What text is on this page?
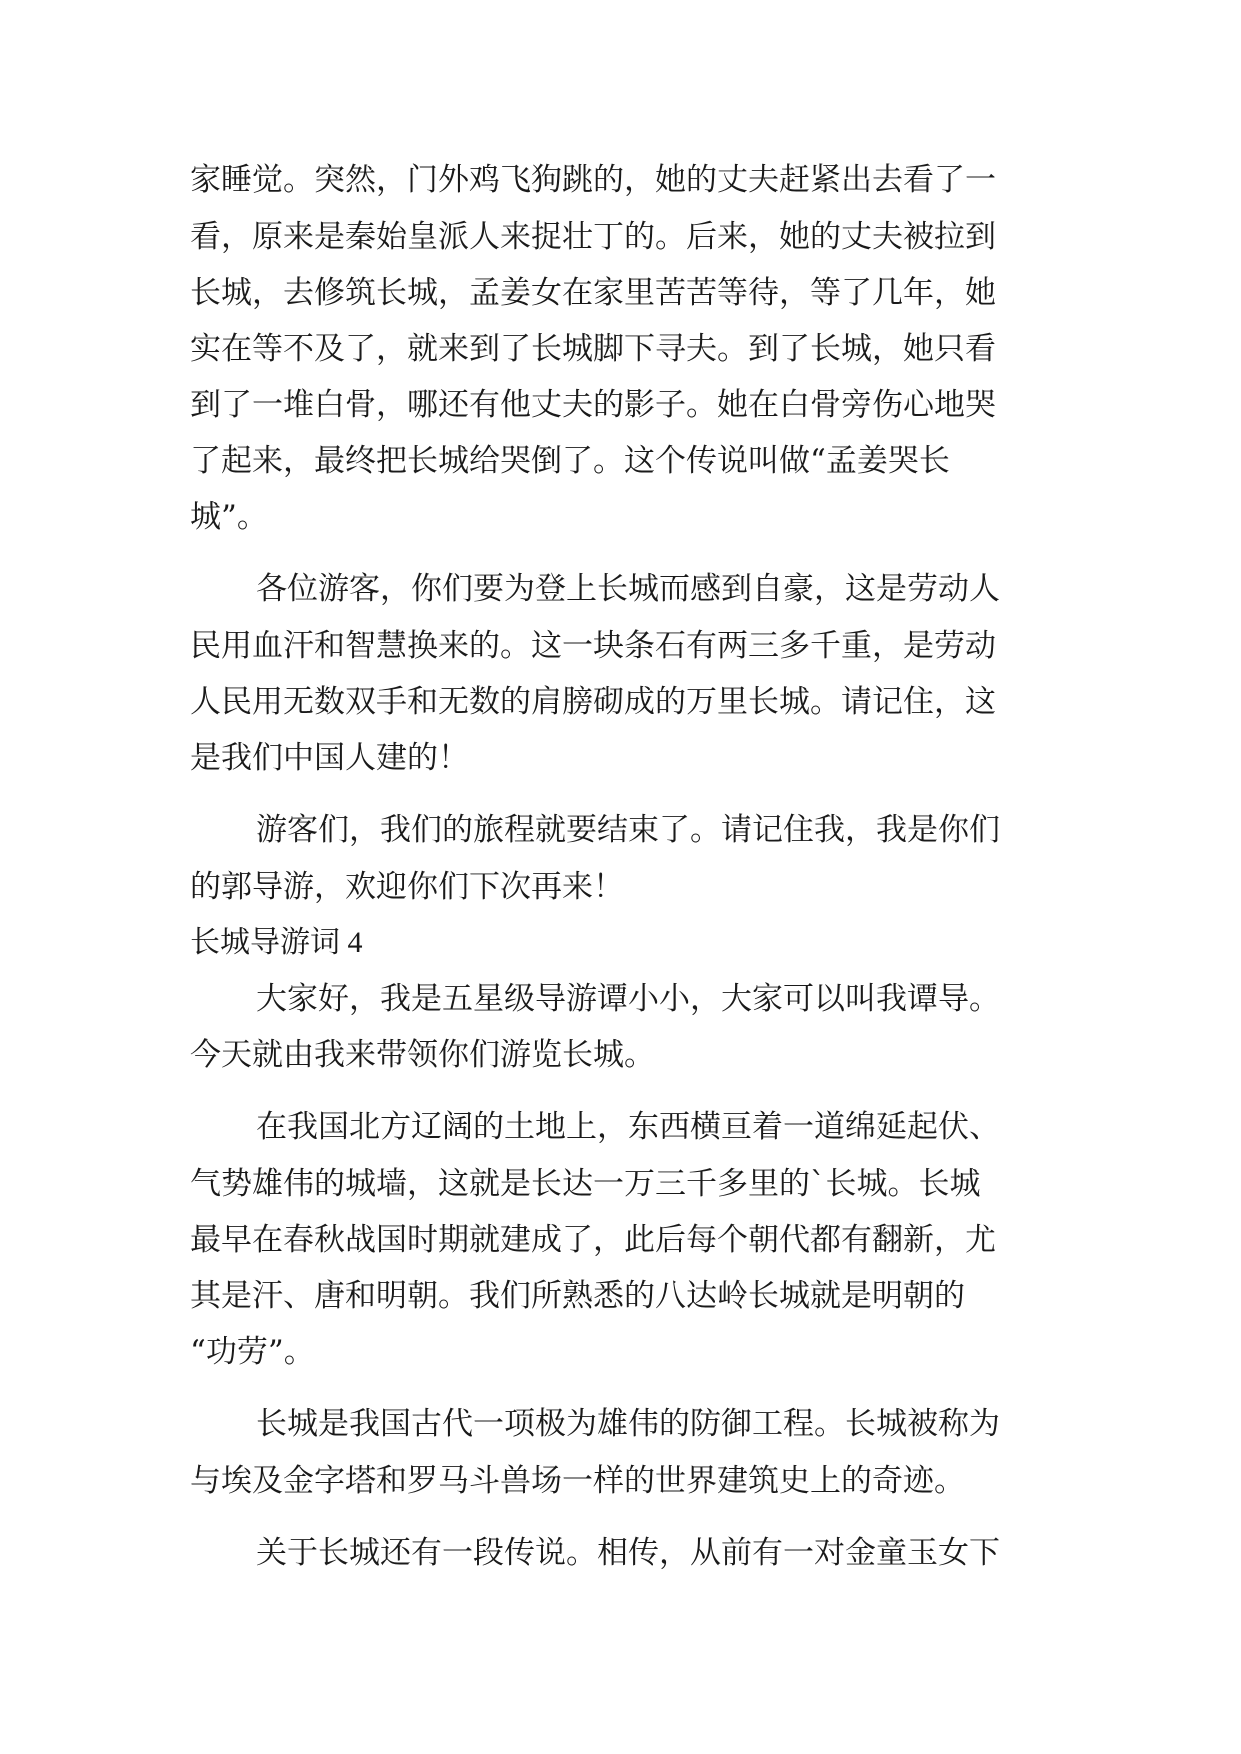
家睡觉。突然，门外鸡飞狗跳的，她的丈夫赶紧出去看了一
看，原来是秦始皇派人来捉壮丁的。后来，她的丈夫被拉到
长城，去修筑长城，孟姜女在家里苦苦等待，等了几年，她
实在等不及了，就来到了长城脚下寻夫。到了长城，她只看
到了一堆白骨，哪还有他丈夫的影子。她在白骨旁伤心地哭
了起来，最终把长城给哭倒了。这个传说叫做“孟姜哭长
城”。
各位游客，你们要为登上长城而感到自豪，这是劳动人
民用血汗和智慧换来的。这一块条石有两三多千重，是劳动
人民用无数双手和无数的肩膀砌成的万里长城。请记住，这
是我们中国人建的！
游客们，我们的旅程就要结束了。请记住我，我是你们
的郭导游，欢迎你们下次再来！
长城导游词 4
大家好，我是五星级导游谭小小，大家可以叫我谭导。
今天就由我来带领你们游览长城。
在我国北方辽阔的土地上，东西横亘着一道绵延起伏、
气势雄伟的城墙，这就是长达一万三千多里的`长城。长城
最早在春秋战国时期就建成了，此后每个朝代都有翻新，尤
其是汗、唐和明朝。我们所熟悉的八达岭长城就是明朝的
“功劳”。
长城是我国古代一项极为雄伟的防御工程。长城被称为
与埃及金字塔和罗马斗兽场一样的世界建筑史上的奇迹。
关于长城还有一段传说。相传，从前有一对金童玉女下
